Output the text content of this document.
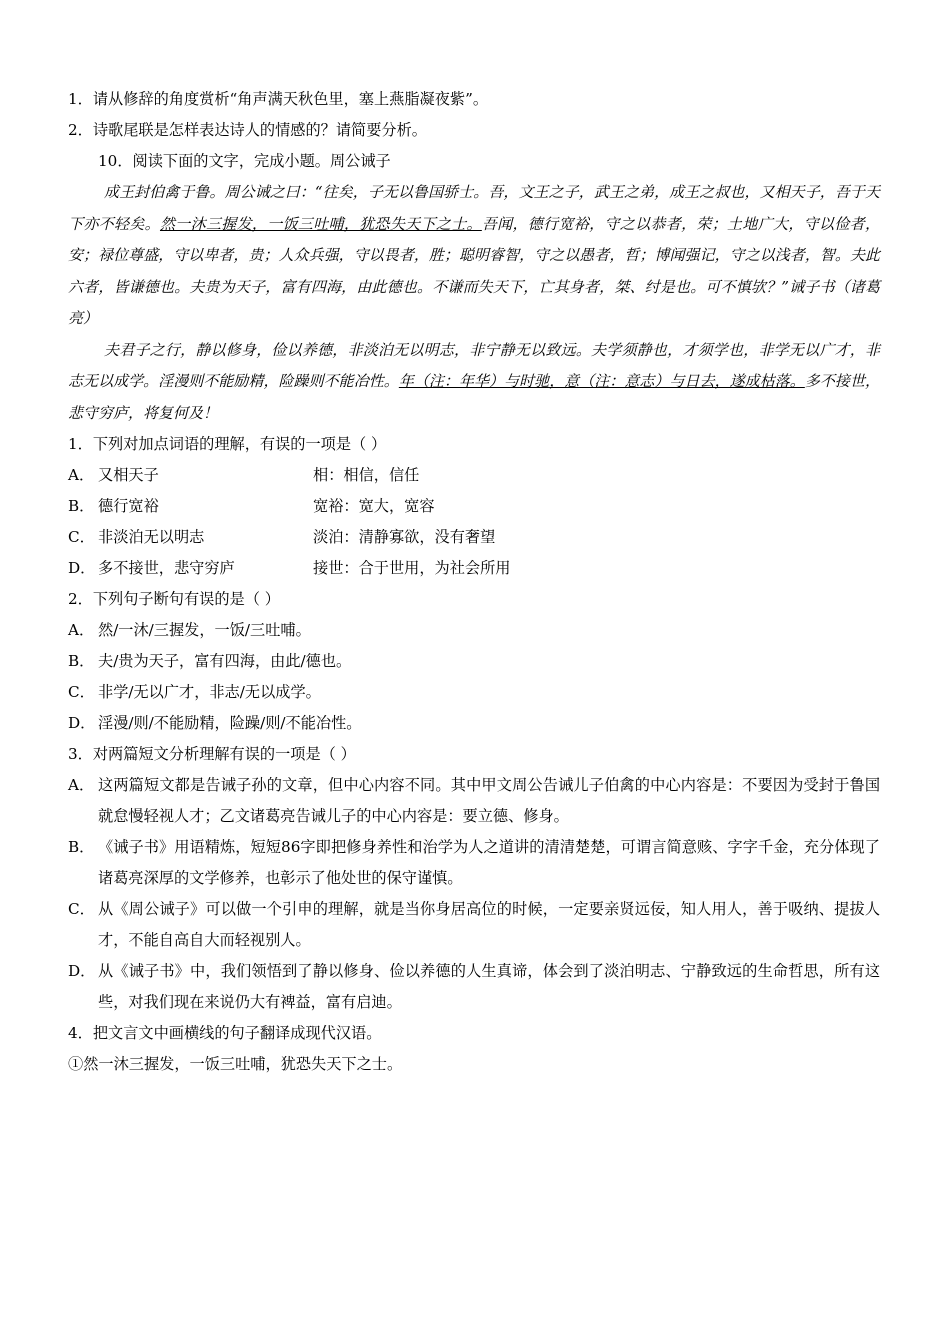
1．请从修辞的角度赏析“角声满天秋色里，塞上燕脂凝夜紫”。

2．诗歌尾联是怎样表达诗人的情感的？请简要分析。

10．阅读下面的文字，完成小题。周公诫子

成王封伯禽于鲁。周公诫之曰：“往矣，子无以鲁国骄士。吾，文王之子，武王之弟，成王之叔也，又相天子，吾于天下亦不轻矣。然一沐三握发，一饭三吐哺，犹恐失天下之士。吾闻，德行宽裕，守之以恭者，荣；土地广大，守以俭者，安；禄位尊盛，守以卑者，贵；人众兵强，守以畏者，胜；聪明睿智，守之以愚者，哲；博闻强记，守之以浅者，智。夫此六者，皆谦德也。夫贵为天子，富有四海，由此德也。不谦而失天下，亡其身者，桀、纣是也。可不慎欤？”诫子书（诸葛亮）

夫君子之行，静以修身，俭以养德，非淡泊无以明志，非宁静无以致远。夫学须静也，才须学也，非学无以广才，非志无以成学。淫漫则不能励精，险躁则不能冶性。年（注：年华）与时驰，意（注：意志）与日去，遂成枯落。多不接世，悲守穷庐，将复何及！

1．下列对加点词语的理解，有误的一项是（ ）

A． 又相天子	相：相信，信任
B． 德行宽裕	宽裕：宽大，宽容
C． 非淡泊无以明志	淡泊：清静寡欲，没有奢望
D． 多不接世，悲守穷庐	接世：合于世用，为社会所用

2．下列句子断句有误的是（ ）

A． 然/一沐/三握发，一饭/三吐哺。
B． 夫/贵为天子，富有四海，由此/德也。
C． 非学/无以广才，非志/无以成学。
D． 淫漫/则/不能励精，险躁/则/不能冶性。

3．对两篇短文分析理解有误的一项是（ ）

A． 这两篇短文都是告诫子孙的文章，但中心内容不同。其中甲文周公告诫儿子伯禽的中心内容是：不要因为受封于鲁国就怠慢轻视人才；乙文诸葛亮告诫儿子的中心内容是：要立德、修身。
B． 《诫子书》用语精炼，短短86字即把修身养性和治学为人之道讲的清清楚楚，可谓言简意赅、字字千金，充分体现了诸葛亮深厚的文学修养，也彰示了他处世的保守谨慎。
C． 从《周公诫子》可以做一个引申的理解，就是当你身居高位的时候，一定要亲贤远佞，知人用人，善于吸纳、提拔人才，不能自高自大而轻视别人。
D． 从《诫子书》中，我们领悟到了静以修身、俭以养德的人生真谛，体会到了淡泊明志、宁静致远的生命哲思，所有这些，对我们现在来说仍大有裨益，富有启迪。

4．把文言文中画横线的句子翻译成现代汉语。

①然一沐三握发，一饭三吐哺，犹恐失天下之士。
